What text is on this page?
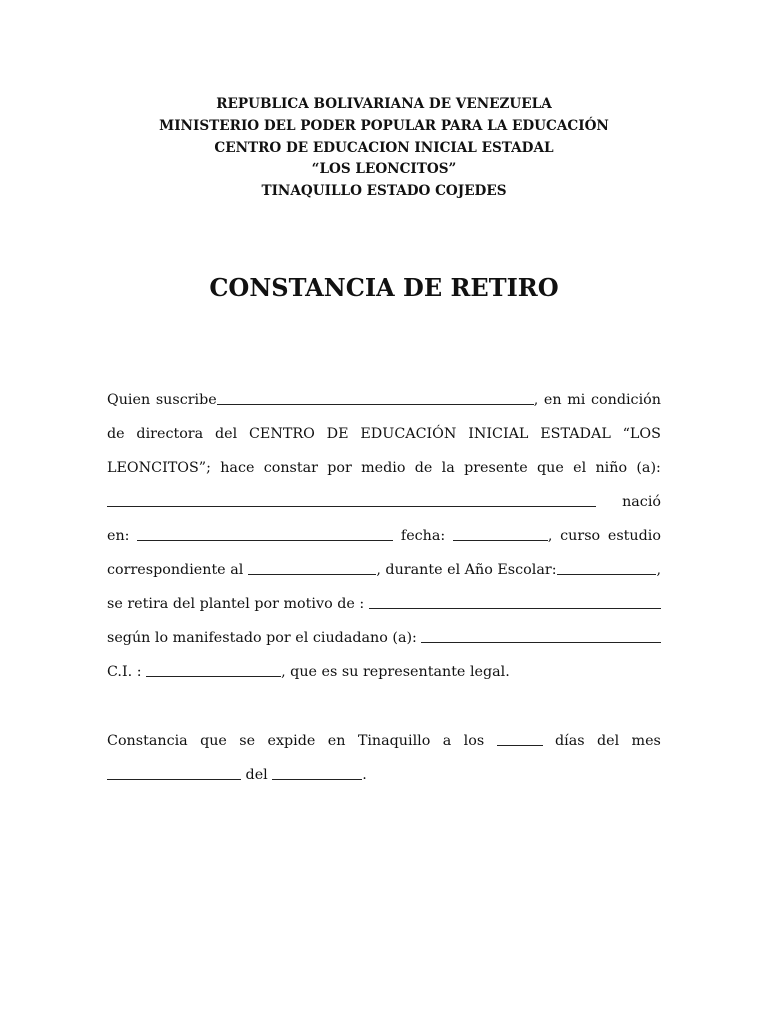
REPUBLICA BOLIVARIANA DE VENEZUELA
MINISTERIO DEL PODER POPULAR PARA LA EDUCACIÓN
CENTRO DE EDUCACION INICIAL ESTADAL
“LOS LEONCITOS”
TINAQUILLO ESTADO COJEDES
CONSTANCIA DE RETIRO
Quien suscribe	, en mi condición
de directora del CENTRO DE EDUCACIÓN INICIAL ESTADAL “LOS
LEONCITOS”; hace constar por medio de la presente que el niño (a):
nació
en:	fecha:	, curso estudio
correspondiente al	, durante el Año Escolar:	,
se retira del plantel por motivo de :
según lo manifestado por el ciudadano (a):
C.I. :	, que es su representante legal.
Constancia que se expide en Tinaquillo a los	días del mes
del	.
